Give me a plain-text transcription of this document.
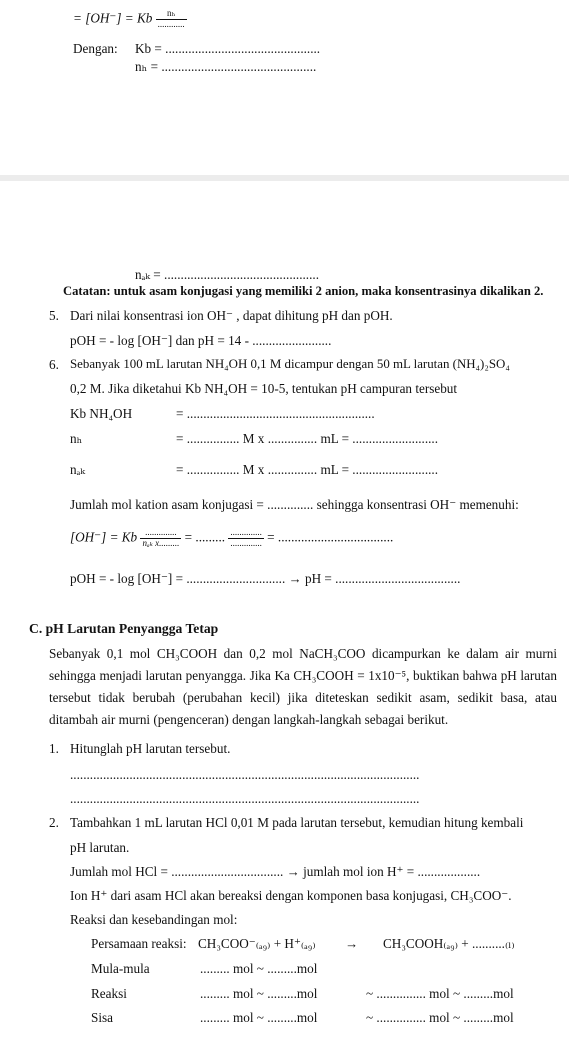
= [OH⁻] = Kb $\frac{\text{nₕ}}{............}$
Dengan: Kb = ...............................................
nₕ = ...............................................
nₐₖ = ...............................................
Catatan: untuk asam konjugasi yang memiliki 2 anion, maka konsentrasinya dikalikan 2.
5. Dari nilai konsentrasi ion OH⁻ , dapat dihitung pH dan pOH.
pOH = - log [OH⁻] dan pH = 14 - ........................
6. Sebanyak 100 mL larutan NH₄OH 0,1 M dicampur dengan 50 mL larutan (NH₄)₂SO₄
0,2 M. Jika diketahui Kb NH₄OH = 10-5, tentukan pH campuran tersebut
Kb NH₄OH	= .........................................................
nₕ	= ................ M x ............... mL = ..........................
nₐₖ	= ................ M x ............... mL = ..........................
Jumlah mol kation asam konjugasi = .............. sehingga konsentrasi OH⁻ memenuhi:
[OH⁻] = Kb $\frac{..............}{\text{nₐₖ x.........}}$ = ......... $\frac{..............}{..............}$ = ...................................
pOH = - log [OH⁻] = .............................. → pH = ......................................
C. pH Larutan Penyangga Tetap
Sebanyak 0,1 mol CH₃COOH dan 0,2 mol NaCH₃COO dicampurkan ke dalam air murni sehingga menjadi larutan penyangga. Jika Ka CH₃COOH = 1x10⁻⁵, buktikan bahwa pH larutan tersebut tidak berubah (perubahan kecil) jika diteteskan sedikit asam, sedikit basa, atau ditambah air murni (pengenceran) dengan langkah-langkah sebagai berikut.
1. Hitunglah pH larutan tersebut.
..........................................................................................................
..........................................................................................................
2. Tambahkan 1 mL larutan HCl 0,01 M pada larutan tersebut, kemudian hitung kembali
pH larutan.
Jumlah mol HCl = .................................. → jumlah mol ion H⁺ = ...................
Ion H⁺ dari asam HCl akan bereaksi dengan komponen basa konjugasi, CH₃COO⁻.
Reaksi dan kesebandingan mol:
Persamaan reaksi: CH₃COO⁻₍ₐ₉₎ + H⁺₍ₐ₉₎ → CH₃COOH₍ₐ₉₎ + ..........₍ₗ₎
Mula-mula	......... mol ~ .........mol
Reaksi	......... mol ~ .........mol	~ ............... mol ~ .........mol
Sisa	......... mol ~ .........mol	~ ............... mol ~ .........mol
